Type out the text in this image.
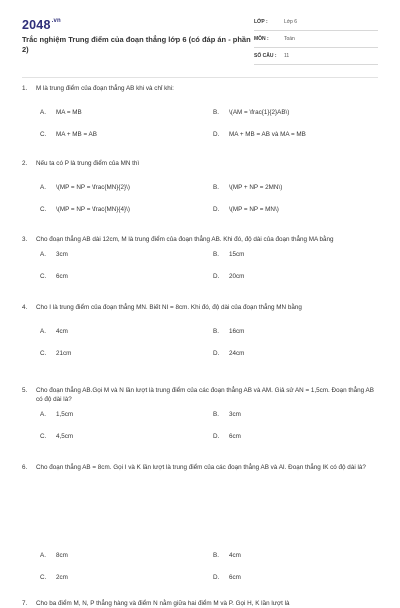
$2048^{.vn}$
Trắc nghiệm Trung điểm của đoạn thẳng lớp 6 (có đáp án - phần 2)
LỚP :	Lớp 6
MÔN :	Toán
SỐ CÂU : 11
1. M là trung điểm của đoạn thẳng AB khi và chỉ khi:
A. MA = MB	B. \(AM = \frac{1}{2}AB\)
C. MA + MB = AB	D. MA + MB = AB và MA = MB
2. Nếu ta có P là trung điểm của MN thì
A. \(MP = NP = \frac{MN}{2}\)	B. \(MP + NP = 2MN\)
C. \(MP = NP = \frac{MN}{4}\)	D. \(MP = NP = MN\)
3. Cho đoạn thẳng AB dài 12cm, M là trung điểm của đoạn thẳng AB. Khi đó, độ dài của đoạn thẳng MA bằng
A. 3cm	B. 15cm
C. 6cm	D. 20cm
4. Cho I là trung điểm của đoạn thẳng MN. Biết NI = 8cm. Khi đó, độ dài của đoạn thẳng MN bằng
A. 4cm	B. 16cm
C. 21cm	D. 24cm
5. Cho đoạn thẳng AB.Gọi M và N lần lượt là trung điểm của các đoạn thẳng AB và AM. Giả sử AN = 1,5cm. Đoạn thẳng AB có độ dài là?
A. 1,5cm	B. 3cm
C. 4,5cm	D. 6cm
6. Cho đoạn thẳng AB = 8cm. Gọi I và K lần lượt là trung điểm của các đoạn thẳng AB và AI. Đoạn thẳng IK có độ dài là?
A. 8cm	B. 4cm
C. 2cm	D. 6cm
7. Cho ba điểm M, N, P thẳng hàng và điểm N nằm giữa hai điểm M và P. Gọi H, K lần lượt là
